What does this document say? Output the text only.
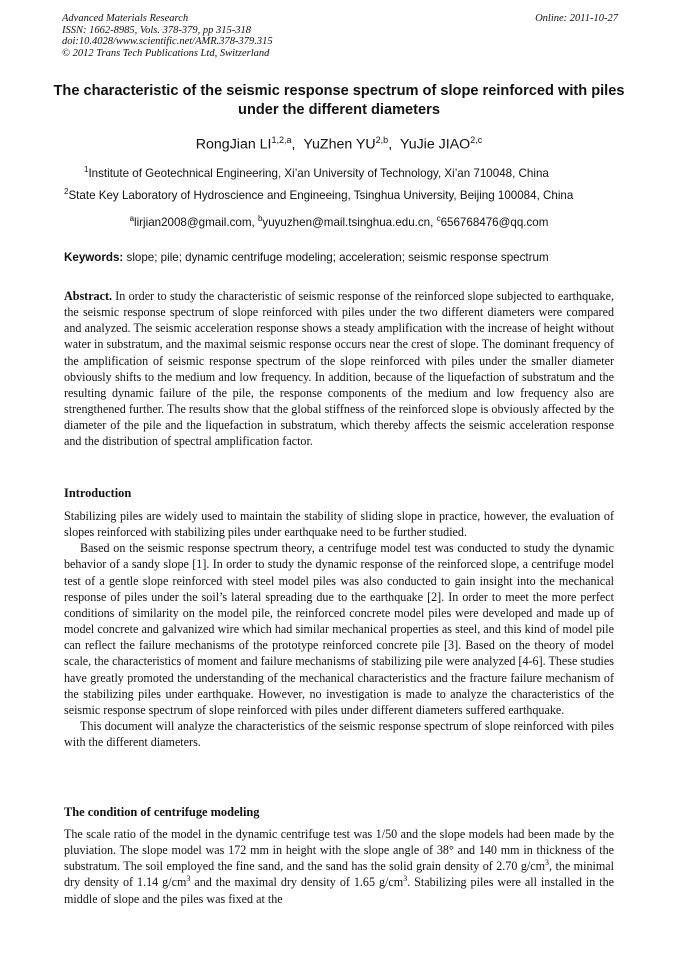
Advanced Materials Research
ISSN: 1662-8985, Vols. 378-379, pp 315-318
doi:10.4028/www.scientific.net/AMR.378-379.315
© 2012 Trans Tech Publications Ltd, Switzerland
Online: 2011-10-27
The characteristic of the seismic response spectrum of slope reinforced with piles under the different diameters
RongJian LI$^{1,2,a}$,  YuZhen YU$^{2,b}$,  YuJie JIAO$^{2,c}$
$^1$Institute of Geotechnical Engineering, Xi’an University of Technology, Xi’an 710048, China
$^2$State Key Laboratory of Hydroscience and Engineeing, Tsinghua University, Beijing 100084, China
$^a$lirjian2008@gmail.com, $^b$yuyuzhen@mail.tsinghua.edu.cn, $^c$656768476@qq.com
Keywords: slope; pile; dynamic centrifuge modeling; acceleration; seismic response spectrum
Abstract. In order to study the characteristic of seismic response of the reinforced slope subjected to earthquake, the seismic response spectrum of slope reinforced with piles under the two different diameters were compared and analyzed. The seismic acceleration response shows a steady amplification with the increase of height without water in substratum, and the maximal seismic response occurs near the crest of slope. The dominant frequency of the amplification of seismic response spectrum of the slope reinforced with piles under the smaller diameter obviously shifts to the medium and low frequency. In addition, because of the liquefaction of substratum and the resulting dynamic failure of the pile, the response components of the medium and low frequency also are strengthened further. The results show that the global stiffness of the reinforced slope is obviously affected by the diameter of the pile and the liquefaction in substratum, which thereby affects the seismic acceleration response and the distribution of spectral amplification factor.
Introduction

Stabilizing piles are widely used to maintain the stability of sliding slope in practice, however, the evaluation of slopes reinforced with stabilizing piles under earthquake need to be further studied.

Based on the seismic response spectrum theory, a centrifuge model test was conducted to study the dynamic behavior of a sandy slope [1]. In order to study the dynamic response of the reinforced slope, a centrifuge model test of a gentle slope reinforced with steel model piles was also conducted to gain insight into the mechanical response of piles under the soil’s lateral spreading due to the earthquake [2]. In order to meet the more perfect conditions of similarity on the model pile, the reinforced concrete model piles were developed and made up of model concrete and galvanized wire which had similar mechanical properties as steel, and this kind of model pile can reflect the failure mechanisms of the prototype reinforced concrete pile [3]. Based on the theory of model scale, the characteristics of moment and failure mechanisms of stabilizing pile were analyzed [4-6]. These studies have greatly promoted the understanding of the mechanical characteristics and the fracture failure mechanism of the stabilizing piles under earthquake. However, no investigation is made to analyze the characteristics of the seismic response spectrum of slope reinforced with piles under different diameters suffered earthquake.

This document will analyze the characteristics of the seismic response spectrum of slope reinforced with piles with the different diameters.

The condition of centrifuge modeling

The scale ratio of the model in the dynamic centrifuge test was 1/50 and the slope models had been made by the pluviation. The slope model was 172 mm in height with the slope angle of 38° and 140 mm in thickness of the substratum. The soil employed the fine sand, and the sand has the solid grain density of 2.70 $g/cm^3$, the minimal dry density of 1.14 $g/cm^3$ and the maximal dry density of 1.65 $g/cm^3$. Stabilizing piles were all installed in the middle of slope and the piles was fixed at the
